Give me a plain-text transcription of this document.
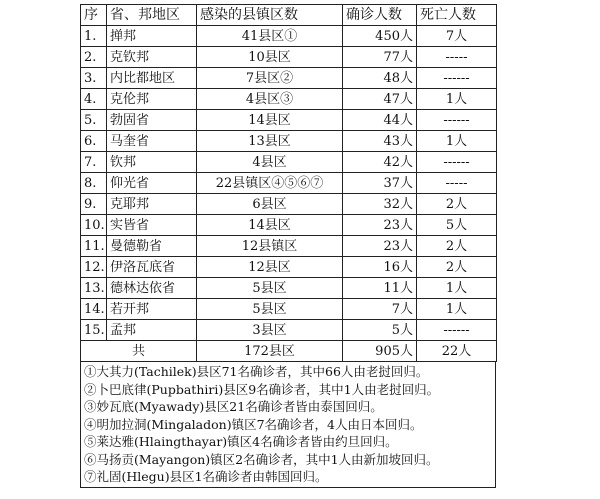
序	省、邦地区	感染的县镇区数	确诊人数	死亡人数
1.	掸邦	41县区①	450人	7人
2.	克钦邦	10县区	77人	-----
3.	内比都地区	7县区②	48人	------
4.	克伦邦	4县区③	47人	1人
5.	勃固省	14县区	44人	------
6.	马奎省	13县区	43人	1人
7.	钦邦	4县区	42人	------
8.	仰光省	22县镇区④⑤⑥⑦	37人	-----
9.	克耶邦	6县区	32人	2人
10.	实皆省	14县区	23人	5人
11.	曼德勒省	12县镇区	23人	2人
12.	伊洛瓦底省	12县区	16人	2人
13.	德林达依省	5县区	11人	1人
14.	若开邦	5县区	7人	1人
15.	孟邦	3县区	5人	------
共		172县区	905人	22人
①大其力(Tachilek)县区71名确诊者，其中66人由老挝回归。
②卜巴底律(Pupbathiri)县区9名确诊者，其中1人由老挝回归。
③妙瓦底(Myawady)县区21名确诊者皆由泰国回归。
④明加拉洞(Mingaladon)镇区7名确诊者，4人由日本回归。
⑤莱达雅(Hlaingthayar)镇区4名确诊者皆由约旦回归。
⑥马扬贡(Mayangon)镇区2名确诊者，其中1人由新加坡回归。
⑦礼固(Hlegu)县区1名确诊者由韩国回归。
